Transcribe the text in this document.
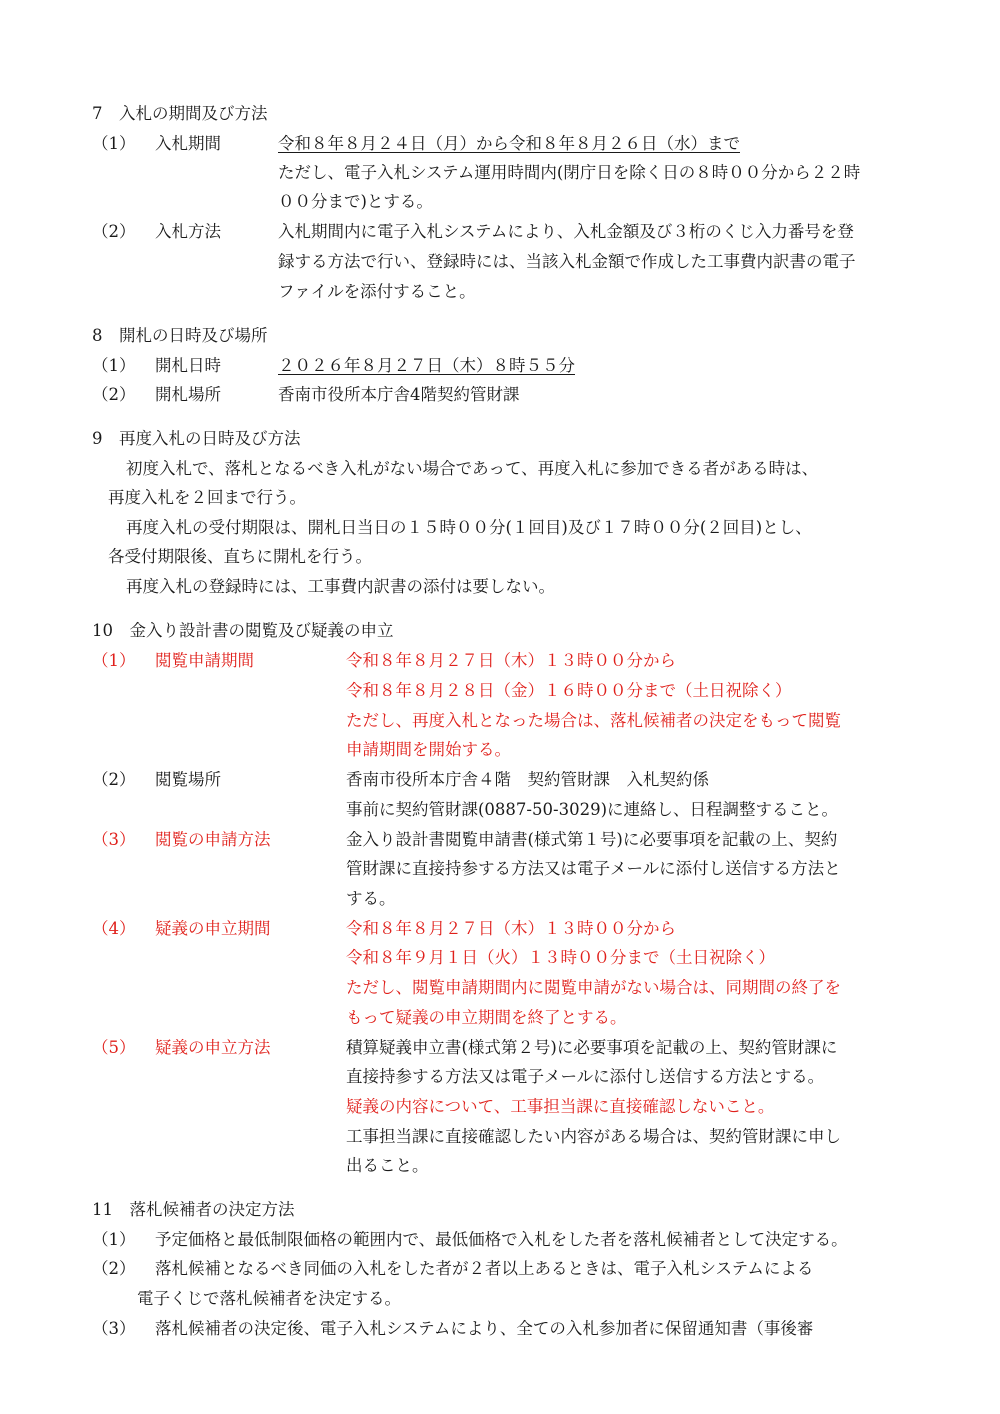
7　入札の期間及び方法
（1） 入札期間	令和８年８月２４日（月）から令和８年８月２６日（水）まで
ただし、電子入札システム運用時間内(閉庁日を除く日の８時００分から２２時
００分まで)とする。
（2） 入札方法	入札期間内に電子入札システムにより、入札金額及び３桁のくじ入力番号を登
録する方法で行い、登録時には、当該入札金額で作成した工事費内訳書の電子
ファイルを添付すること。
8　開札の日時及び場所
（1） 開札日時	２０２６年８月２７日（木）８時５５分
（2） 開札場所	香南市役所本庁舎4階契約管財課
9　再度入札の日時及び方法
初度入札で、落札となるべき入札がない場合であって、再度入札に参加できる者がある時は、
再度入札を２回まで行う。
再度入札の受付期限は、開札日当日の１５時００分(１回目)及び１７時００分(２回目)とし、
各受付期限後、直ちに開札を行う。
再度入札の登録時には、工事費内訳書の添付は要しない。
10　金入り設計書の閲覧及び疑義の申立
（1） 閲覧申請期間	令和８年８月２７日（木）１３時００分から
令和８年８月２８日（金）１６時００分まで（土日祝除く）
ただし、再度入札となった場合は、落札候補者の決定をもって閲覧
申請期間を開始する。
（2） 閲覧場所	香南市役所本庁舎４階　契約管財課　入札契約係
事前に契約管財課(0887-50-3029)に連絡し、日程調整すること。
（3） 閲覧の申請方法	金入り設計書閲覧申請書(様式第１号)に必要事項を記載の上、契約
管財課に直接持参する方法又は電子メールに添付し送信する方法と
する。
（4） 疑義の申立期間	令和８年８月２７日（木）１３時００分から
令和８年９月１日（火）１３時００分まで（土日祝除く）
ただし、閲覧申請期間内に閲覧申請がない場合は、同期間の終了を
もって疑義の申立期間を終了とする。
（5） 疑義の申立方法	積算疑義申立書(様式第２号)に必要事項を記載の上、契約管財課に
直接持参する方法又は電子メールに添付し送信する方法とする。
疑義の内容について、工事担当課に直接確認しないこと。
工事担当課に直接確認したい内容がある場合は、契約管財課に申し
出ること。
11　落札候補者の決定方法
（1） 予定価格と最低制限価格の範囲内で、最低価格で入札をした者を落札候補者として決定する。
（2） 落札候補となるべき同価の入札をした者が２者以上あるときは、電子入札システムによる
電子くじで落札候補者を決定する。
（3） 落札候補者の決定後、電子入札システムにより、全ての入札参加者に保留通知書（事後審
